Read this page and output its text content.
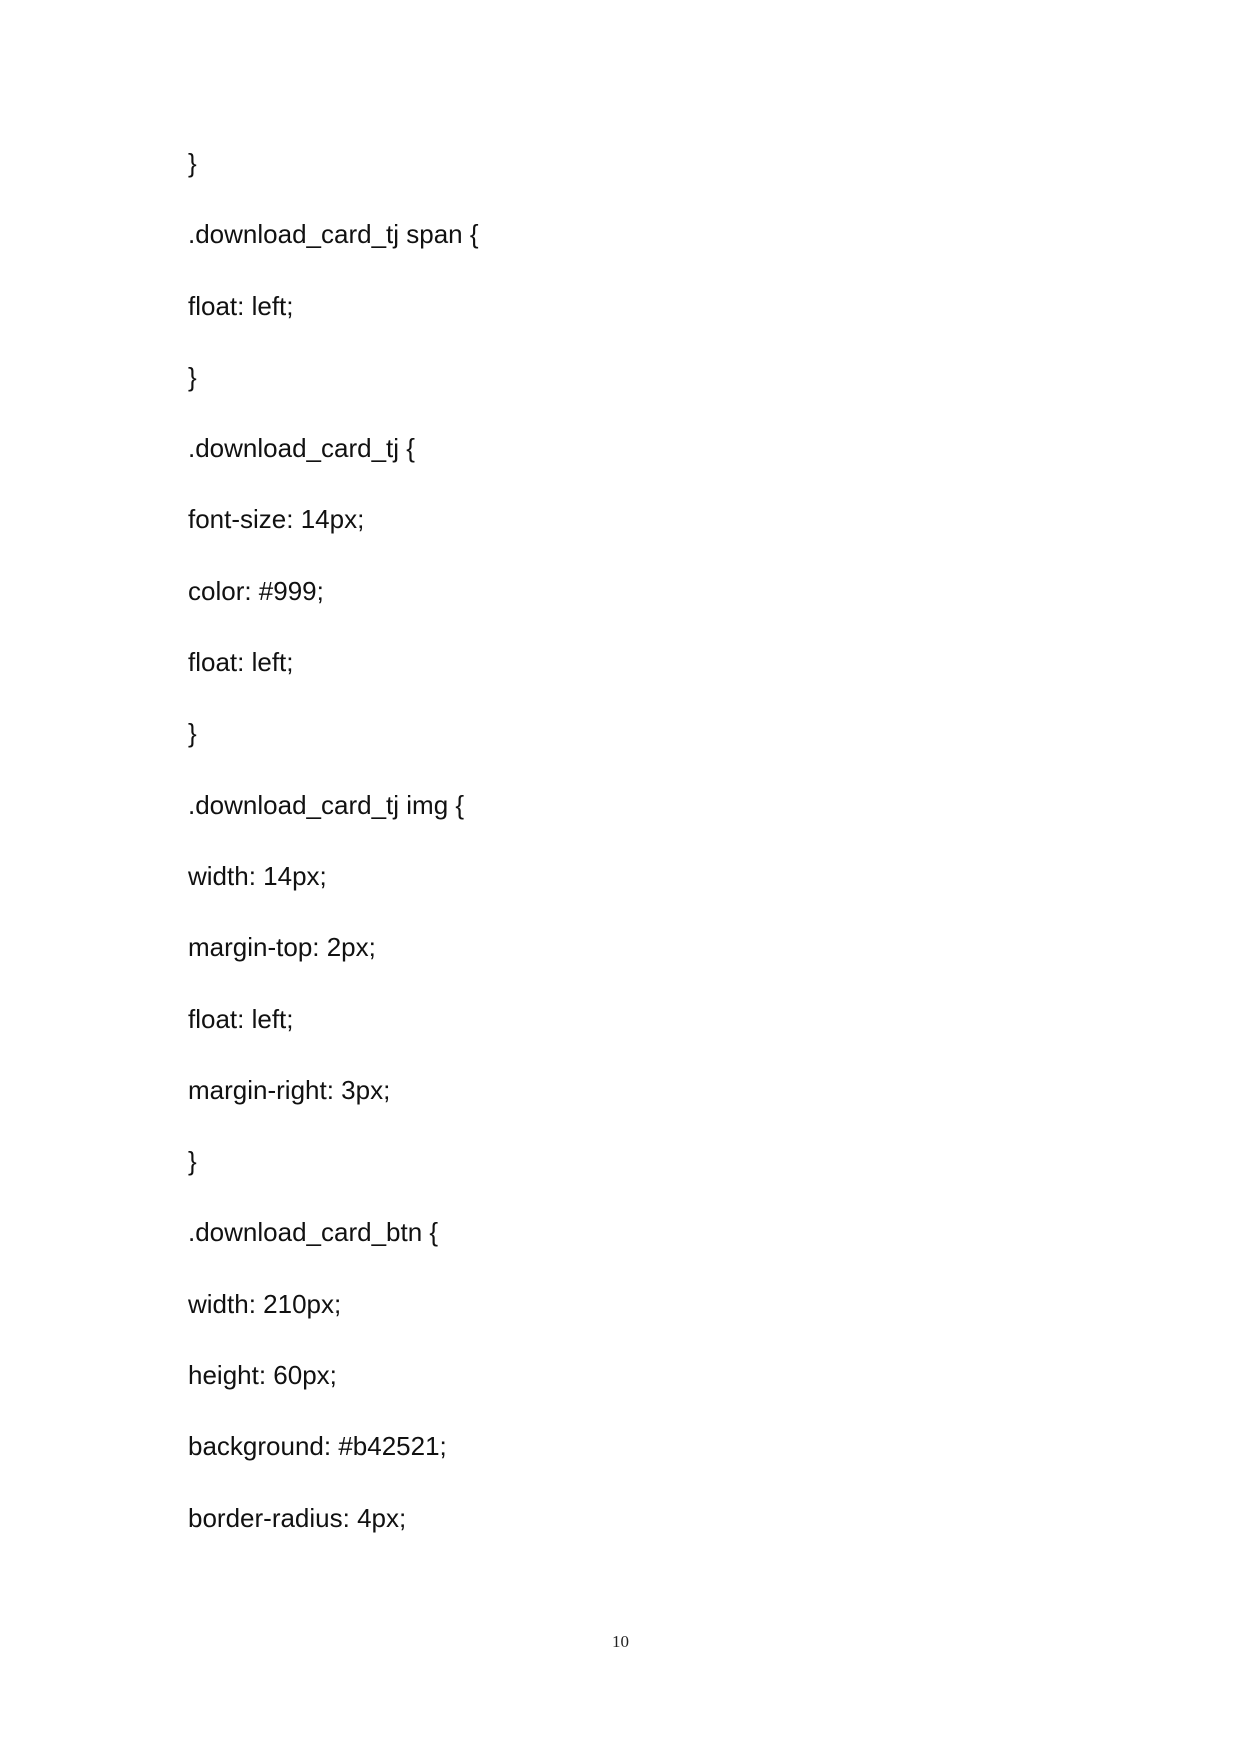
}
.download_card_tj span {
float: left;
}
.download_card_tj {
font-size: 14px;
color: #999;
float: left;
}
.download_card_tj img {
width: 14px;
margin-top: 2px;
float: left;
margin-right: 3px;
}
.download_card_btn {
width: 210px;
height: 60px;
background: #b42521;
border-radius: 4px;
10
